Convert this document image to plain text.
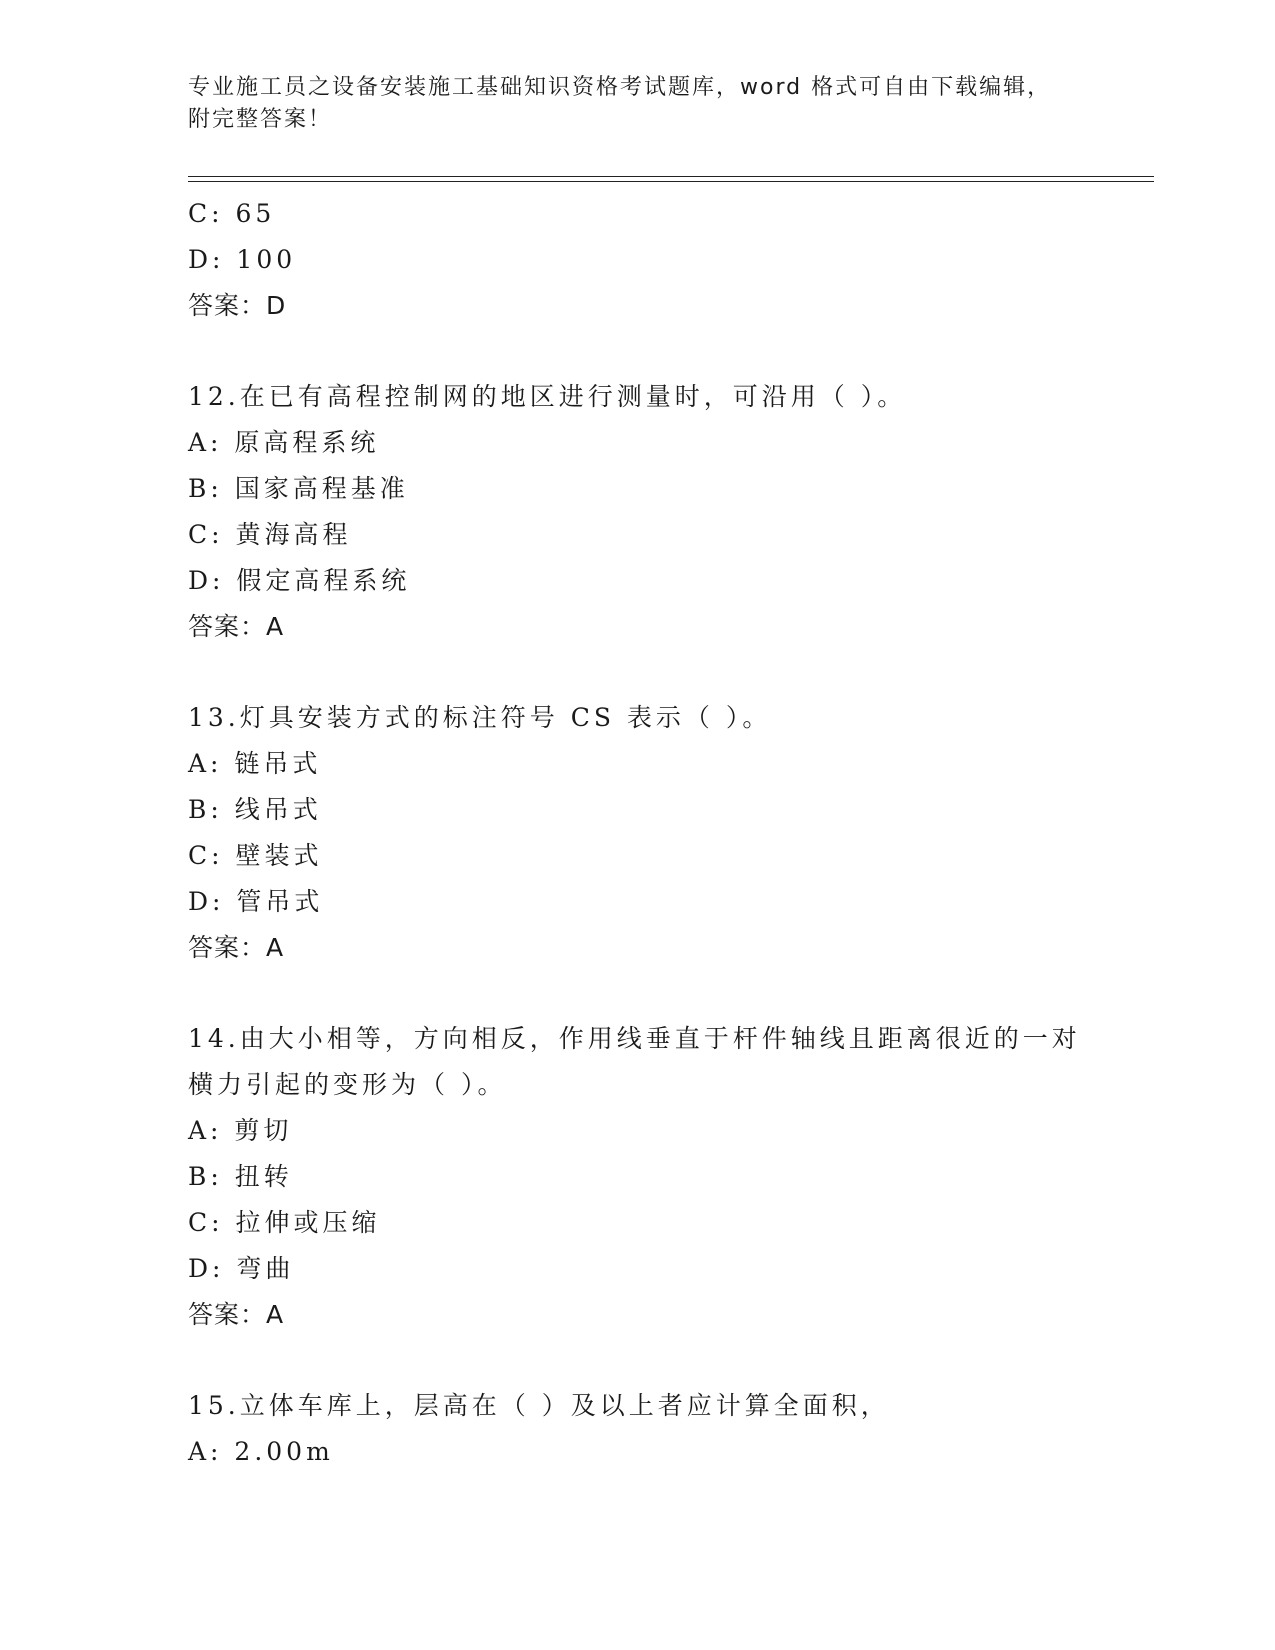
专业施工员之设备安装施工基础知识资格考试题库，word 格式可自由下载编辑，
附完整答案！
C: 65
D: 100
答案：D
12.在已有高程控制网的地区进行测量时，可沿用（ ）。
A: 原高程系统
B: 国家高程基准
C: 黄海高程
D: 假定高程系统
答案：A
13.灯具安装方式的标注符号 CS 表示（ ）。
A: 链吊式
B: 线吊式
C: 壁装式
D: 管吊式
答案：A
14.由大小相等，方向相反，作用线垂直于杆件轴线且距离很近的一对
横力引起的变形为（ ）。
A: 剪切
B: 扭转
C: 拉伸或压缩
D: 弯曲
答案：A
15.立体车库上，层高在（ ）及以上者应计算全面积，
A: 2.00m
